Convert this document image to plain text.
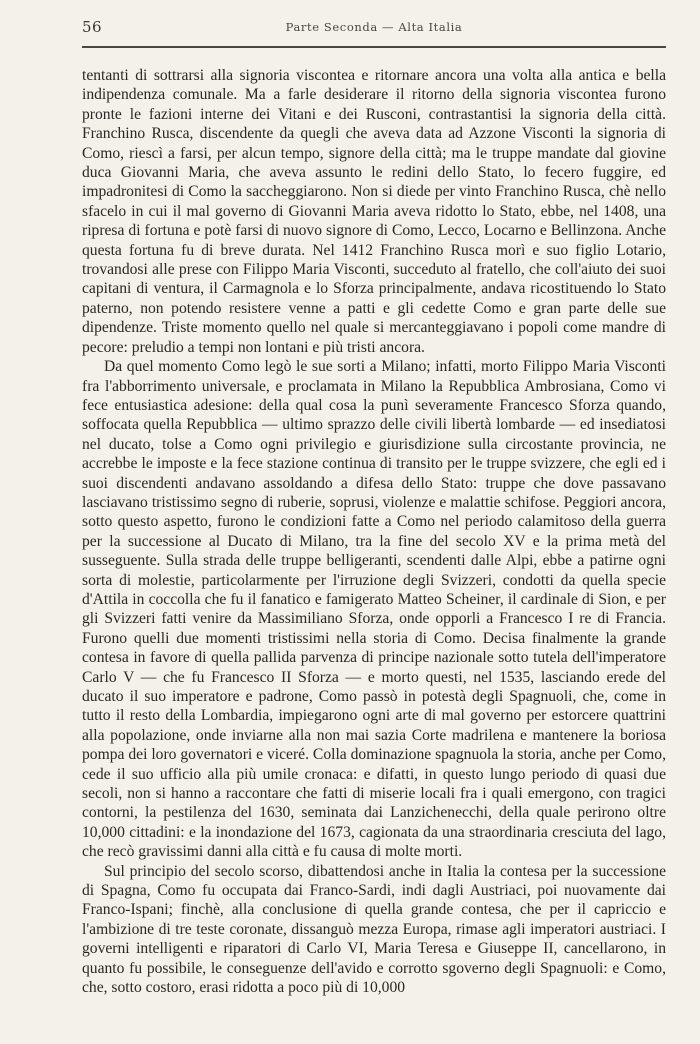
56	Parte Seconda — Alta Italia

tentanti di sottrarsi alla signoria viscontea e ritornare ancora una volta alla antica e bella indipendenza comunale. Ma a farle desiderare il ritorno della signoria viscontea furono pronte le fazioni interne dei Vitani e dei Rusconi, contrastantisi la signoria della città. Franchino Rusca, discendente da quegli che aveva data ad Azzone Visconti la signoria di Como, riescì a farsi, per alcun tempo, signore della città; ma le truppe mandate dal giovine duca Giovanni Maria, che aveva assunto le redini dello Stato, lo fecero fuggire, ed impadronitesi di Como la saccheggiarono. Non si diede per vinto Franchino Rusca, chè nello sfacelo in cui il mal governo di Giovanni Maria aveva ridotto lo Stato, ebbe, nel 1408, una ripresa di fortuna e potè farsi di nuovo signore di Como, Lecco, Locarno e Bellinzona. Anche questa fortuna fu di breve durata. Nel 1412 Franchino Rusca morì e suo figlio Lotario, trovandosi alle prese con Filippo Maria Visconti, succeduto al fratello, che coll'aiuto dei suoi capitani di ventura, il Carmagnola e lo Sforza principalmente, andava ricostituendo lo Stato paterno, non potendo resistere venne a patti e gli cedette Como e gran parte delle sue dipendenze. Triste momento quello nel quale si mercanteggiavano i popoli come mandre di pecore: preludio a tempi non lontani e più tristi ancora.

Da quel momento Como legò le sue sorti a Milano; infatti, morto Filippo Maria Visconti fra l'abborrimento universale, e proclamata in Milano la Repubblica Ambrosiana, Como vi fece entusiastica adesione: della qual cosa la punì severamente Francesco Sforza quando, soffocata quella Repubblica — ultimo sprazzo delle civili libertà lombarde — ed insediatosi nel ducato, tolse a Como ogni privilegio e giurisdizione sulla circostante provincia, ne accrebbe le imposte e la fece stazione continua di transito per le truppe svizzere, che egli ed i suoi discendenti andavano assoldando a difesa dello Stato: truppe che dove passavano lasciavano tristissimo segno di ruberie, soprusi, violenze e malattie schifose. Peggiori ancora, sotto questo aspetto, furono le condizioni fatte a Como nel periodo calamitoso della guerra per la successione al Ducato di Milano, tra la fine del secolo XV e la prima metà del susseguente. Sulla strada delle truppe belligeranti, scendenti dalle Alpi, ebbe a patirne ogni sorta di molestie, particolarmente per l'irruzione degli Svizzeri, condotti da quella specie d'Attila in coccolla che fu il fanatico e famigerato Matteo Scheiner, il cardinale di Sion, e per gli Svizzeri fatti venire da Massimiliano Sforza, onde opporli a Francesco I re di Francia. Furono quelli due momenti tristissimi nella storia di Como. Decisa finalmente la grande contesa in favore di quella pallida parvenza di principe nazionale sotto tutela dell'imperatore Carlo V — che fu Francesco II Sforza — e morto questi, nel 1535, lasciando erede del ducato il suo imperatore e padrone, Como passò in potestà degli Spagnuoli, che, come in tutto il resto della Lombardia, impiegarono ogni arte di mal governo per estorcere quattrini alla popolazione, onde inviarne alla non mai sazia Corte madrilena e mantenere la boriosa pompa dei loro governatori e viceré. Colla dominazione spagnuola la storia, anche per Como, cede il suo ufficio alla più umile cronaca: e difatti, in questo lungo periodo di quasi due secoli, non si hanno a raccontare che fatti di miserie locali fra i quali emergono, con tragici contorni, la pestilenza del 1630, seminata dai Lanzichenecchi, della quale perirono oltre 10,000 cittadini: e la inondazione del 1673, cagionata da una straordinaria cresciuta del lago, che recò gravissimi danni alla città e fu causa di molte morti.

Sul principio del secolo scorso, dibattendosi anche in Italia la contesa per la successione di Spagna, Como fu occupata dai Franco-Sardi, indi dagli Austriaci, poi nuovamente dai Franco-Ispani; finchè, alla conclusione di quella grande contesa, che per il capriccio e l'ambizione di tre teste coronate, dissanguò mezza Europa, rimase agli imperatori austriaci. I governi intelligenti e riparatori di Carlo VI, Maria Teresa e Giuseppe II, cancellarono, in quanto fu possibile, le conseguenze dell'avido e corrotto sgoverno degli Spagnuoli: e Como, che, sotto costoro, erasi ridotta a poco più di 10,000
